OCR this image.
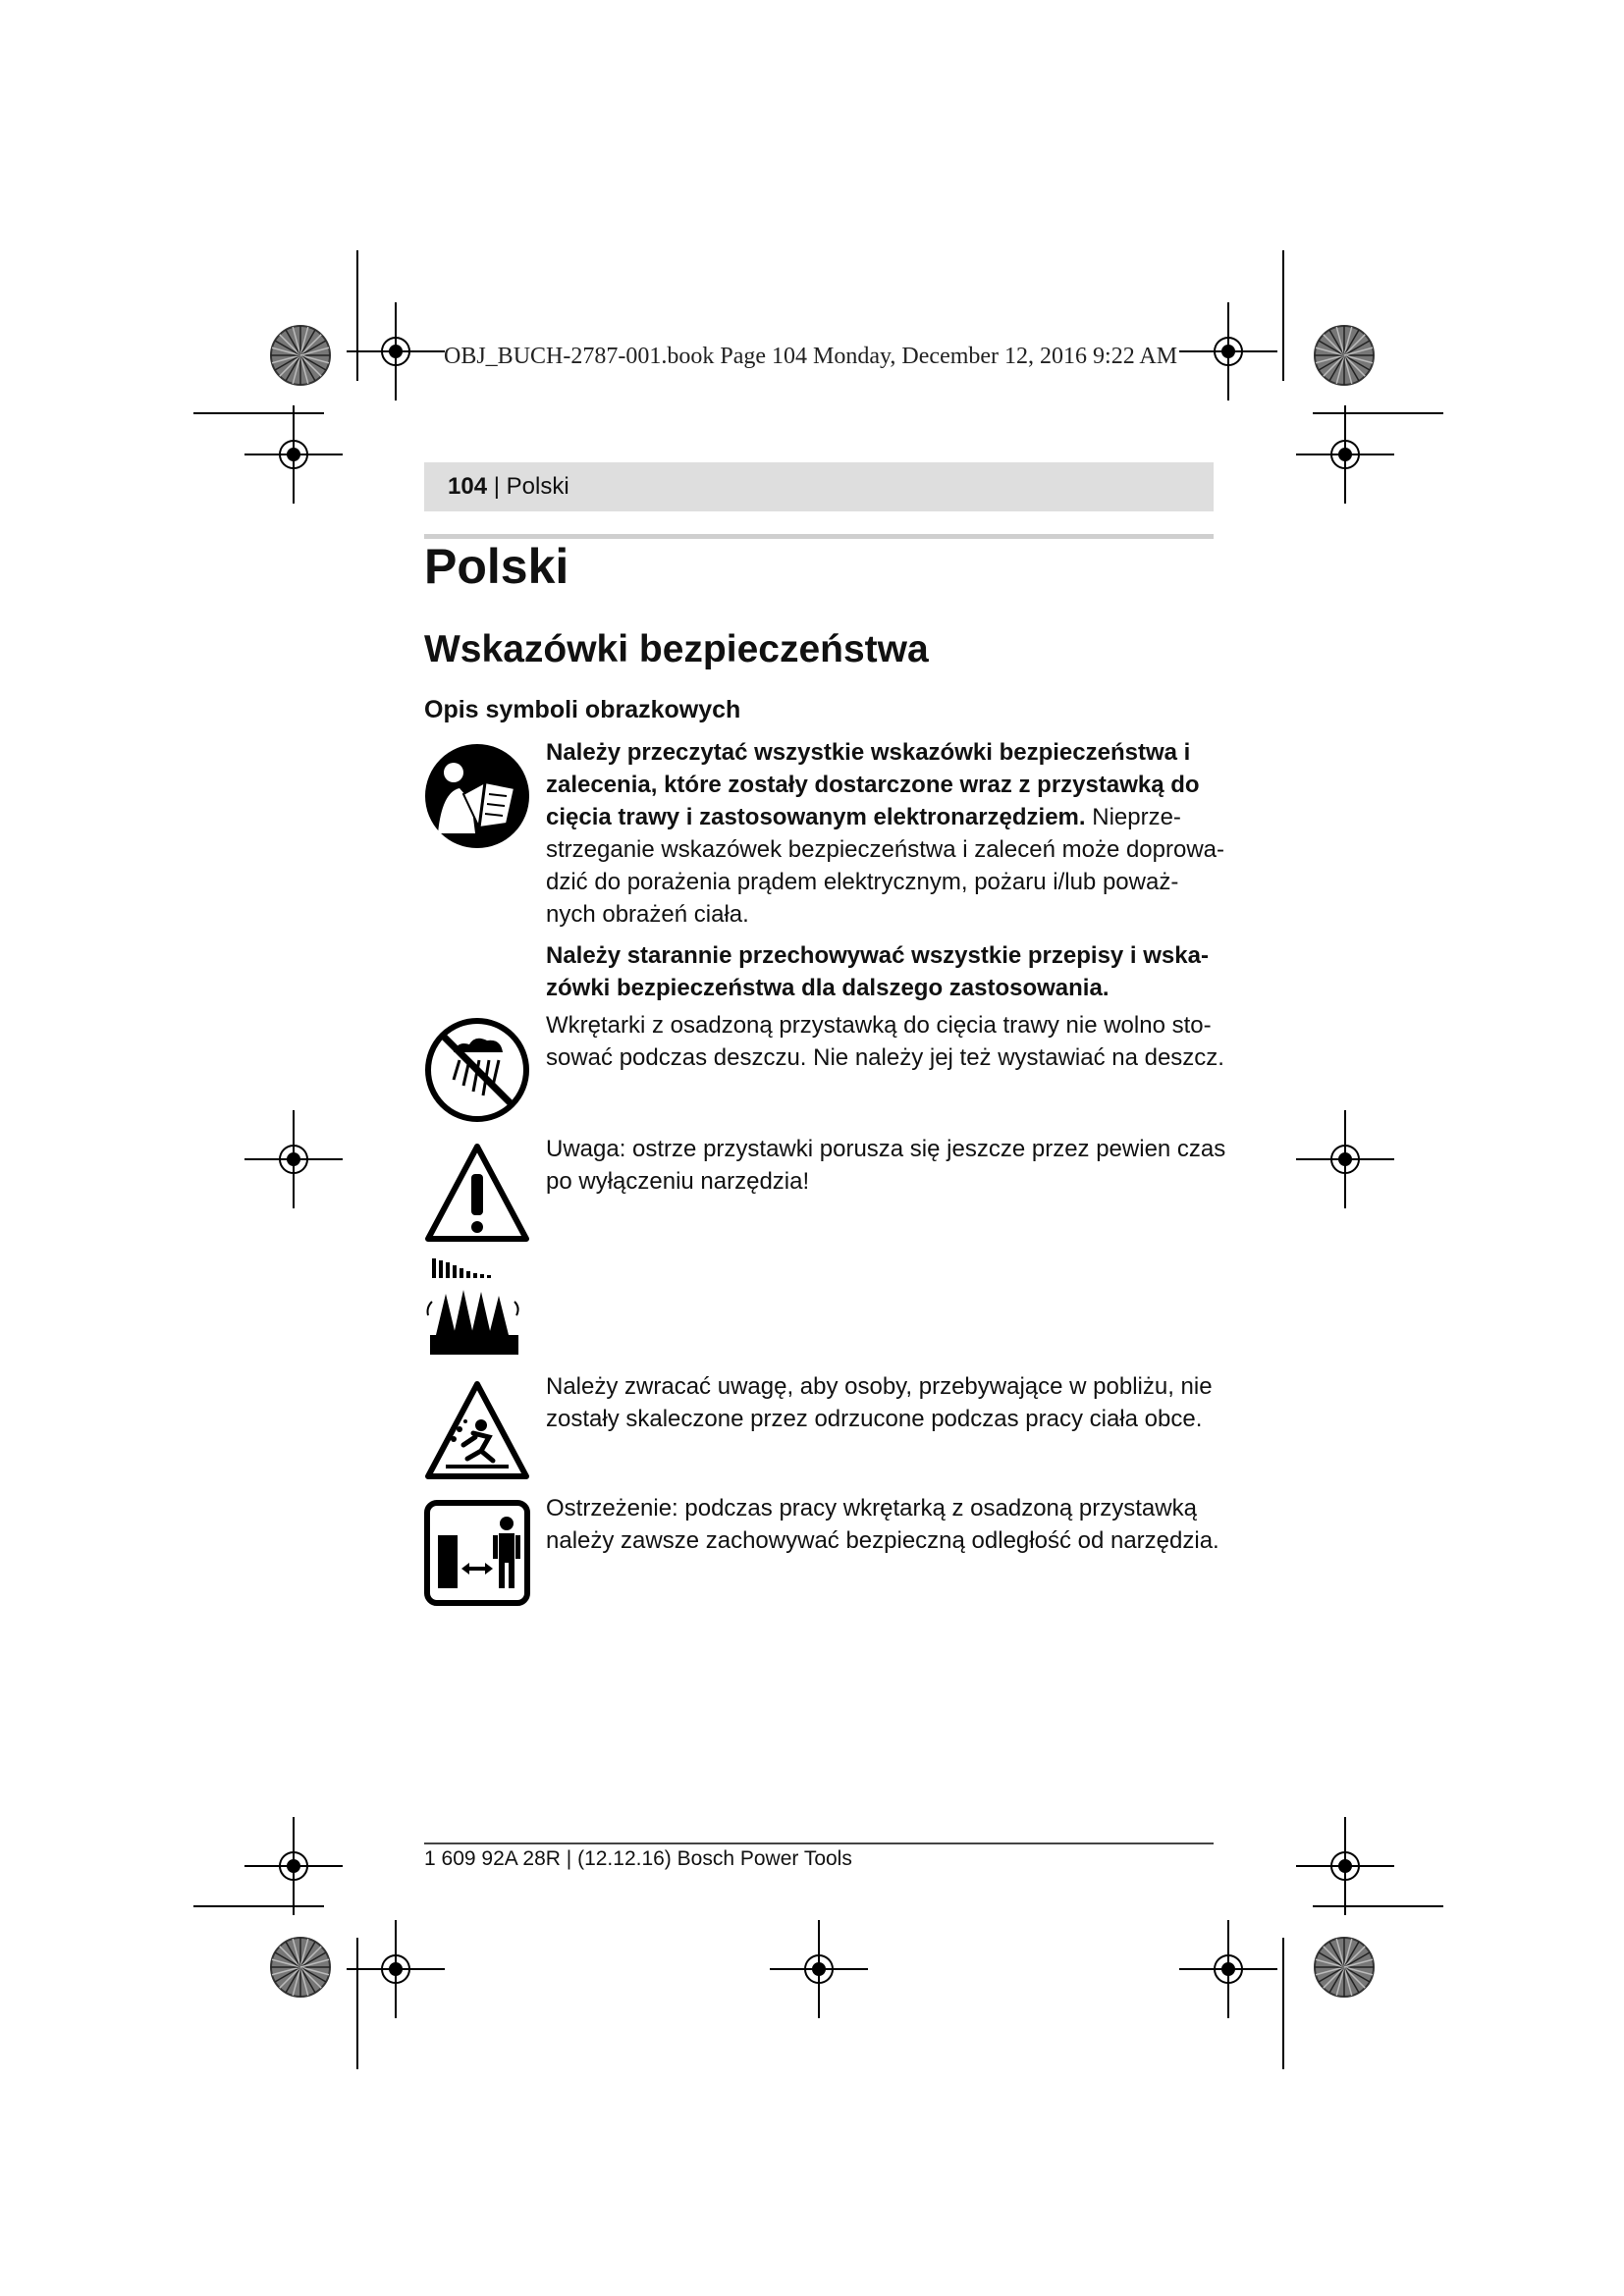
OBJ_BUCH-2787-001.book Page 104 Monday, December 12, 2016 9:22 AM
104 | Polski
Polski
Wskazówki bezpieczeństwa
Opis symboli obrazkowych

Należy przeczytać wszystkie wskazówki bezpieczeństwa i
zalecenia, które zostały dostarczone wraz z przystawką do
cięcia trawy i zastosowanym elektronarzędziem. Nieprze-
strzeganie wskazówek bezpieczeństwa i zaleceń może doprowa-
dzić do porażenia prądem elektrycznym, pożaru i/lub poważ-
nych obrażeń ciała.

Należy starannie przechowywać wszystkie przepisy i wska-
zówki bezpieczeństwa dla dalszego zastosowania.

Wkrętarki z osadzoną przystawką do cięcia trawy nie wolno sto-
sować podczas deszczu. Nie należy jej też wystawiać na deszcz.

Uwaga: ostrze przystawki porusza się jeszcze przez pewien czas
po wyłączeniu narzędzia!

Należy zwracać uwagę, aby osoby, przebywające w pobliżu, nie
zostały skaleczone przez odrzucone podczas pracy ciała obce.

Ostrzeżenie: podczas pracy wkrętarką z osadzoną przystawką
należy zawsze zachowywać bezpieczną odległość od narzędzia.

1 609 92A 28R | (12.12.16) Bosch Power Tools
